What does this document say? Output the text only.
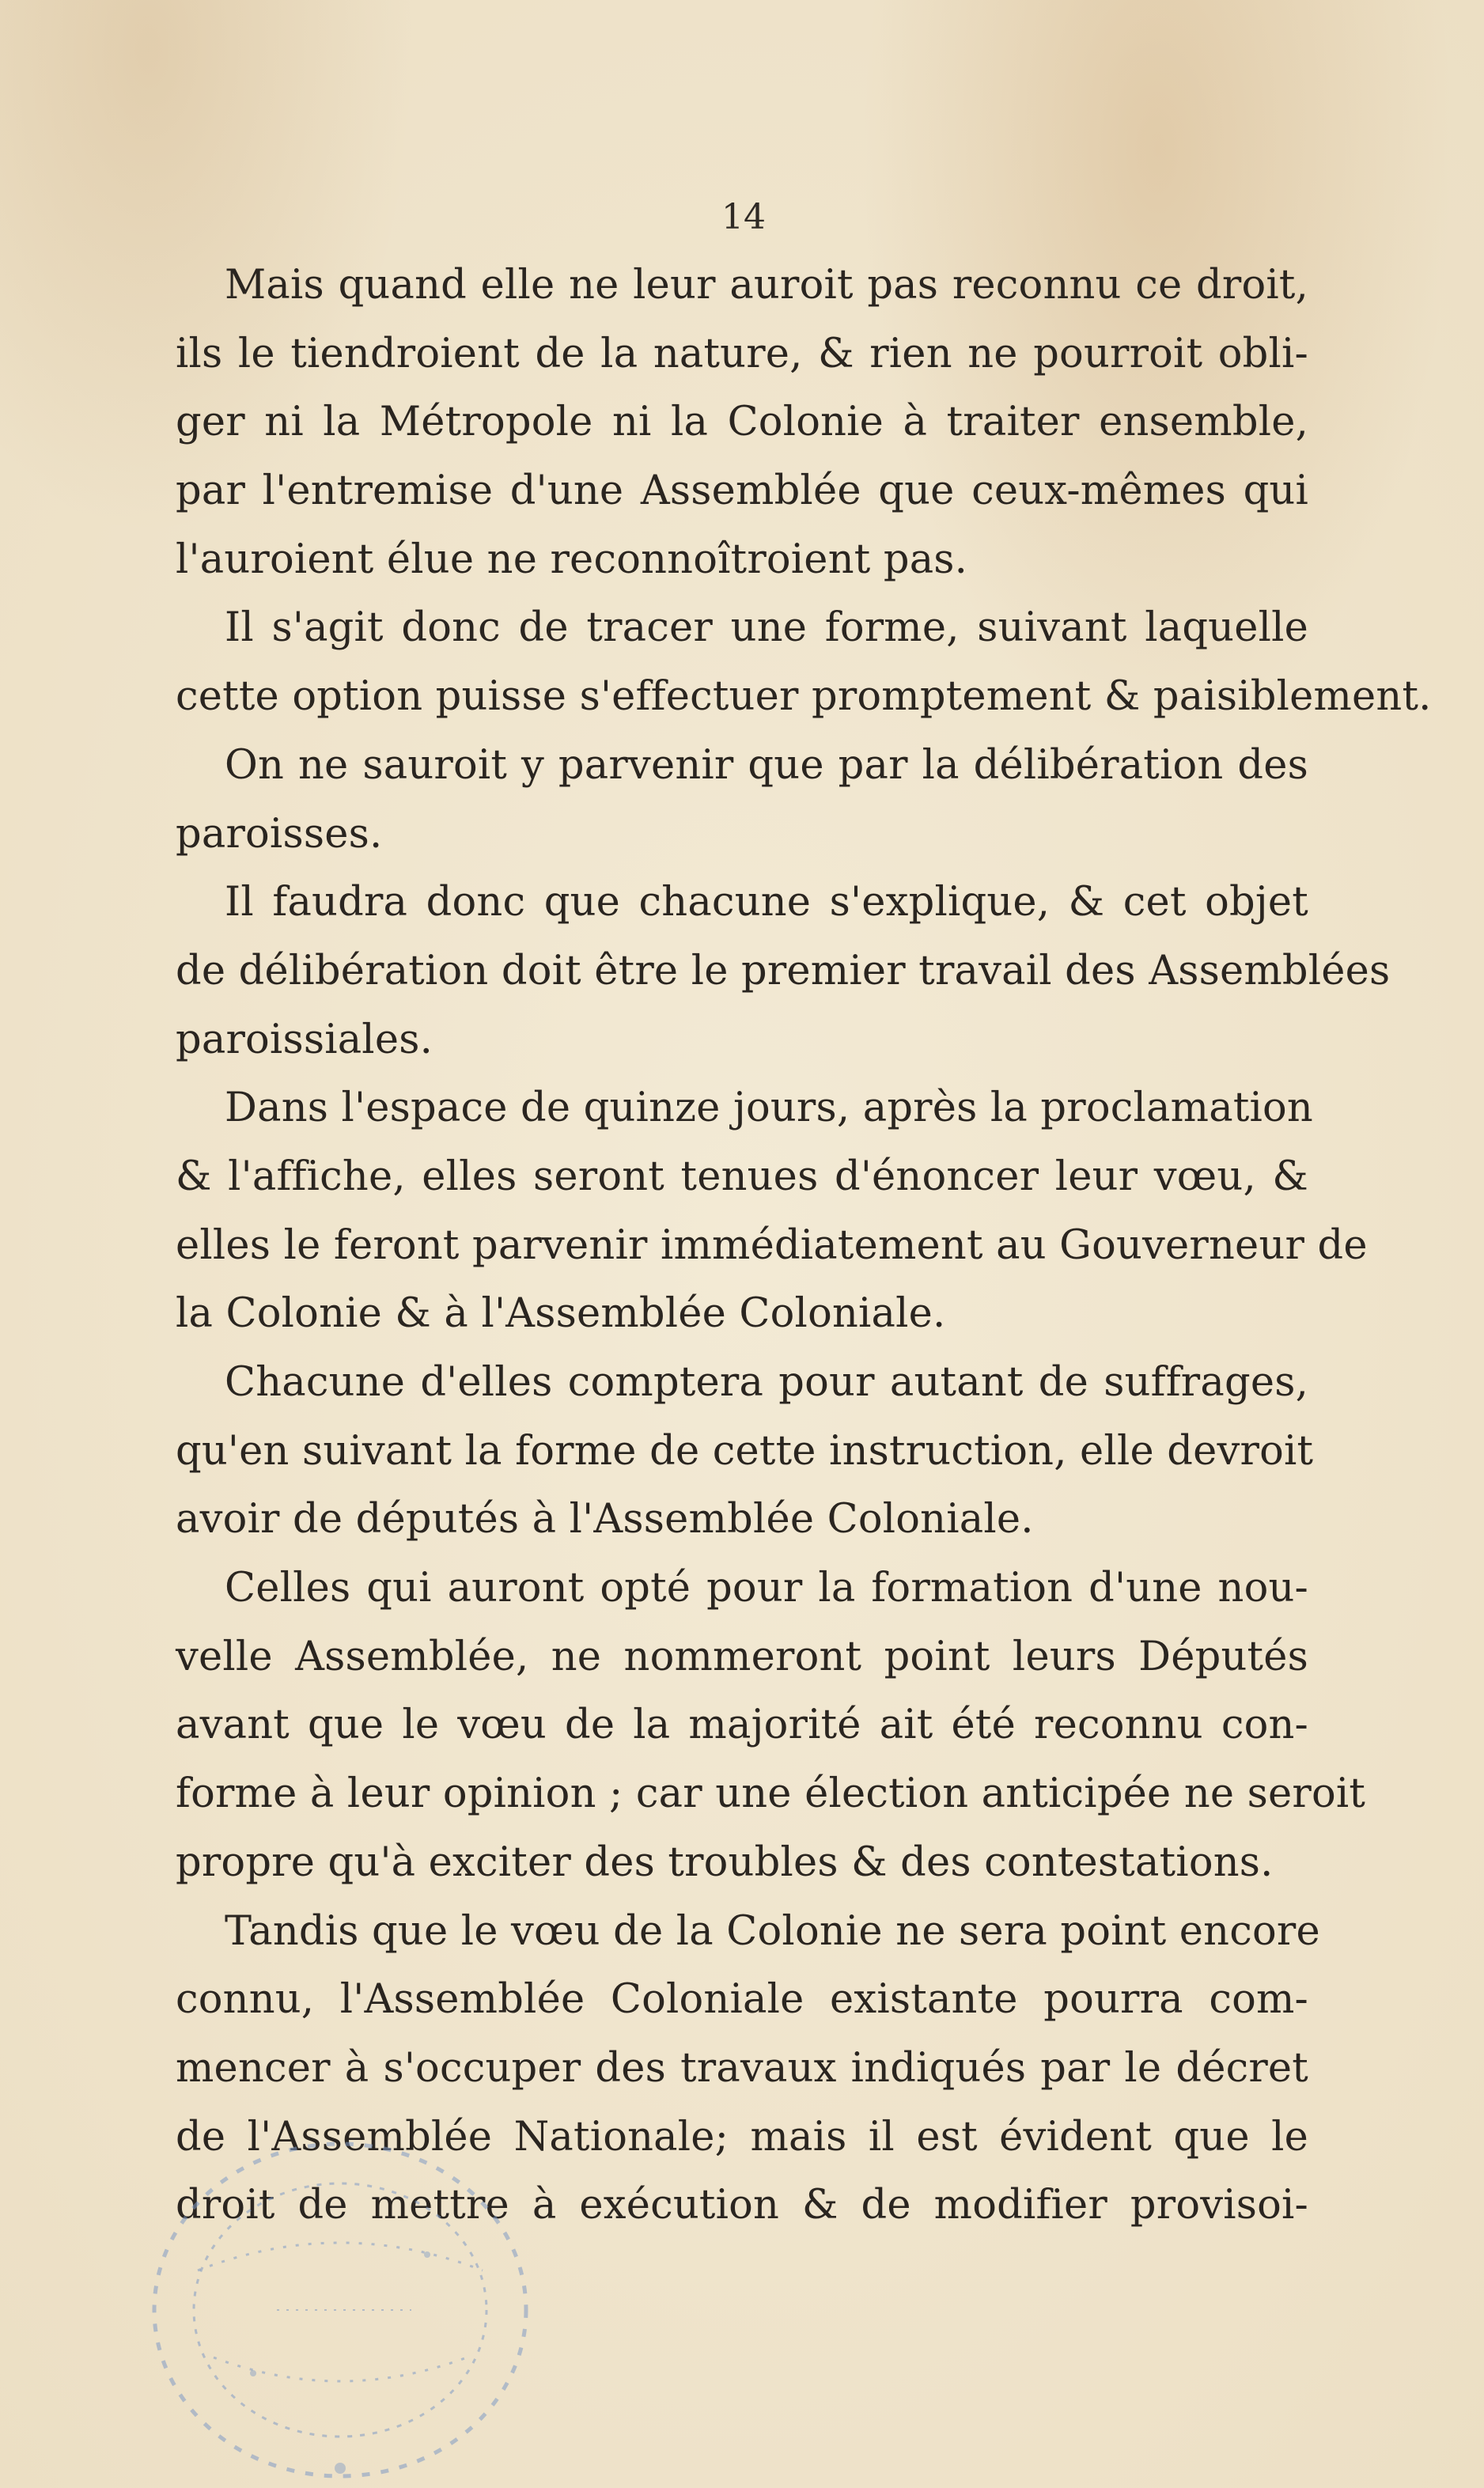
14
Mais quand elle ne leur auroit pas reconnu ce droit,
ils le tiendroient de la nature, & rien ne pourroit obli-
ger ni la Métropole ni la Colonie à traiter ensemble,
par l'entremise d'une Assemblée que ceux-mêmes qui
l'auroient élue ne reconnoîtroient pas.
Il s'agit donc de tracer une forme, suivant laquelle
cette option puisse s'effectuer promptement & paisiblement.
On ne sauroit y parvenir que par la délibération des
paroisses.
Il faudra donc que chacune s'explique, & cet objet
de délibération doit être le premier travail des Assemblées
paroissiales.
Dans l'espace de quinze jours, après la proclamation
& l'affiche, elles seront tenues d'énoncer leur vœu, &
elles le feront parvenir immédiatement au Gouverneur de
la Colonie & à l'Assemblée Coloniale.
Chacune d'elles comptera pour autant de suffrages,
qu'en suivant la forme de cette instruction, elle devroit
avoir de députés à l'Assemblée Coloniale.
Celles qui auront opté pour la formation d'une nou-
velle Assemblée, ne nommeront point leurs Députés
avant que le vœu de la majorité ait été reconnu con-
forme à leur opinion ; car une élection anticipée ne seroit
propre qu'à exciter des troubles & des contestations.
Tandis que le vœu de la Colonie ne sera point encore
connu, l'Assemblée Coloniale existante pourra com-
mencer à s'occuper des travaux indiqués par le décret
de l'Assemblée Nationale; mais il est évident que le
droit de mettre à exécution & de modifier provisoi-
